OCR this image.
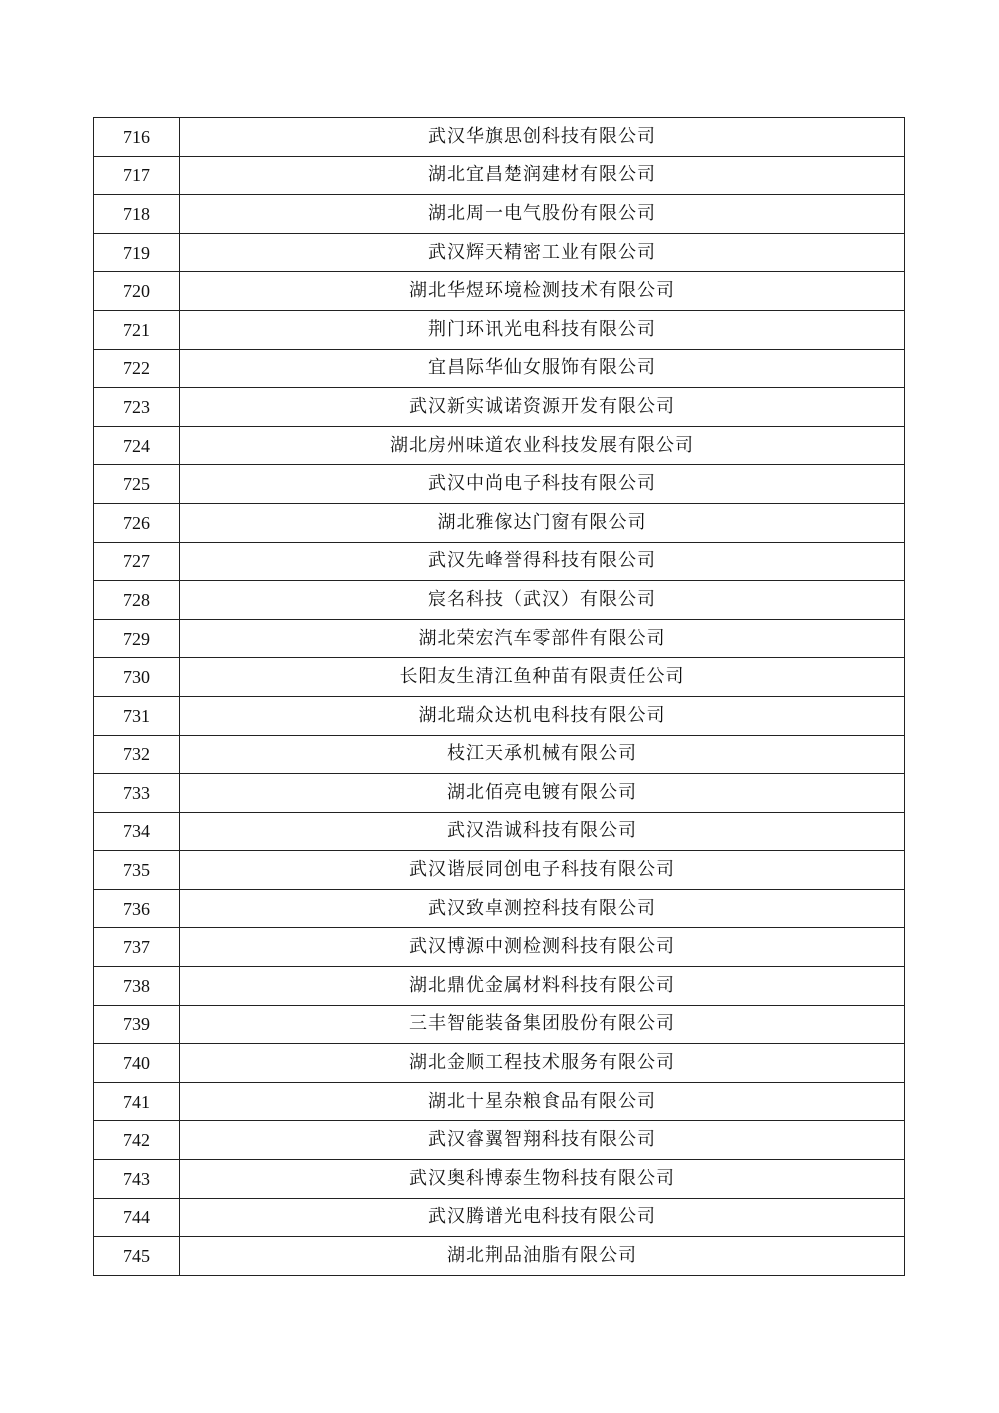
716	武汉华旗思创科技有限公司
717	湖北宜昌楚润建材有限公司
718	湖北周一电气股份有限公司
719	武汉辉天精密工业有限公司
720	湖北华煜环境检测技术有限公司
721	荆门环讯光电科技有限公司
722	宜昌际华仙女服饰有限公司
723	武汉新实诚诺资源开发有限公司
724	湖北房州味道农业科技发展有限公司
725	武汉中尚电子科技有限公司
726	湖北雅傢达门窗有限公司
727	武汉先峰誉得科技有限公司
728	宸名科技（武汉）有限公司
729	湖北荣宏汽车零部件有限公司
730	长阳友生清江鱼种苗有限责任公司
731	湖北瑞众达机电科技有限公司
732	枝江天承机械有限公司
733	湖北佰亮电镀有限公司
734	武汉浩诚科技有限公司
735	武汉谐辰同创电子科技有限公司
736	武汉致卓测控科技有限公司
737	武汉博源中测检测科技有限公司
738	湖北鼎优金属材料科技有限公司
739	三丰智能装备集团股份有限公司
740	湖北金顺工程技术服务有限公司
741	湖北十星杂粮食品有限公司
742	武汉睿翼智翔科技有限公司
743	武汉奥科博泰生物科技有限公司
744	武汉腾谱光电科技有限公司
745	湖北荆品油脂有限公司
